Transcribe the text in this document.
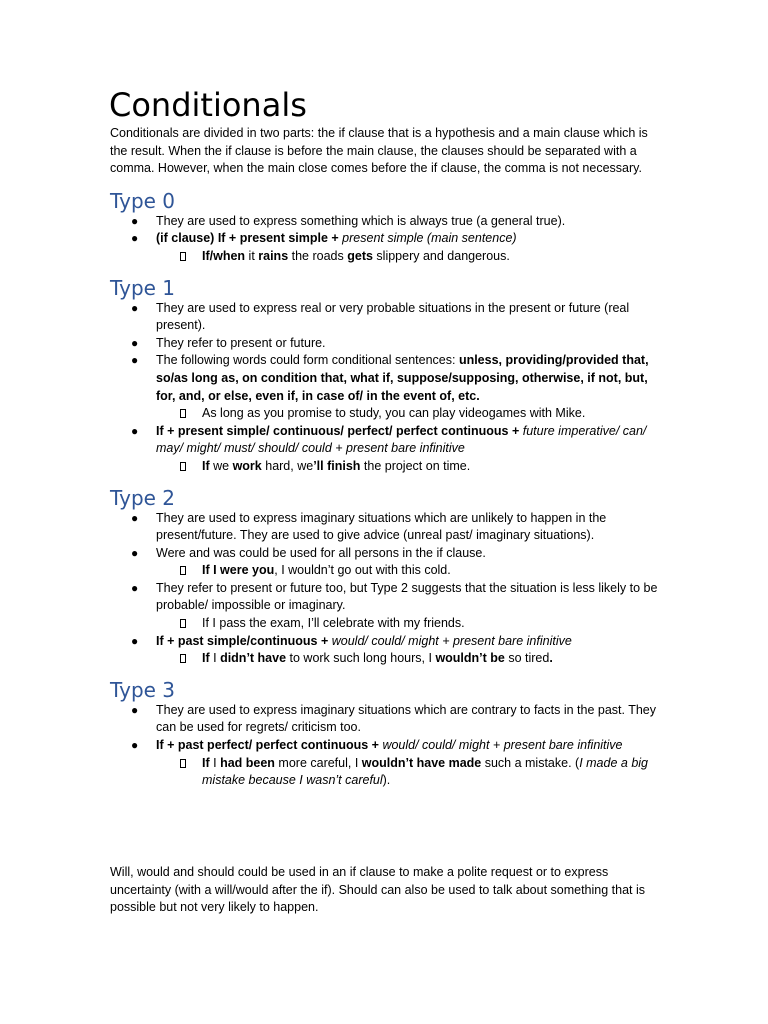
Conditionals

Conditionals are divided in two parts: the if clause that is a hypothesis and a main clause which is the result. When the if clause is before the main clause, the clauses should be separated with a comma. However, when the main close comes before the if clause, the comma is not necessary.

Type 0
● They are used to express something which is always true (a general true).
● (if clause) If + present simple + present simple (main sentence)
If/when it rains the roads gets slippery and dangerous.
Type 1
● They are used to express real or very probable situations in the present or future (real present).
● They refer to present or future.
● The following words could form conditional sentences: unless, providing/provided that, so/as long as, on condition that, what if, suppose/supposing, otherwise, if not, but, for, and, or else, even if, in case of/ in the event of, etc.
As long as you promise to study, you can play videogames with Mike.
● If + present simple/ continuous/ perfect/ perfect continuous + future imperative/ can/ may/ might/ must/ should/ could + present bare infinitive
If we work hard, we’ll finish the project on time.
Type 2
● They are used to express imaginary situations which are unlikely to happen in the present/future. They are used to give advice (unreal past/ imaginary situations).
● Were and was could be used for all persons in the if clause.
If I were you, I wouldn’t go out with this cold.
● They refer to present or future too, but Type 2 suggests that the situation is less likely to be probable/ impossible or imaginary.
If I pass the exam, I’ll celebrate with my friends.
● If + past simple/continuous + would/ could/ might + present bare infinitive
If I didn’t have to work such long hours, I wouldn’t be so tired.
Type 3
● They are used to express imaginary situations which are contrary to facts in the past. They can be used for regrets/ criticism too.
● If + past perfect/ perfect continuous + would/ could/ might + present bare infinitive
If I had been more careful, I wouldn’t have made such a mistake. (I made a big mistake because I wasn’t careful).

Will, would and should could be used in an if clause to make a polite request or to express uncertainty (with a will/would after the if). Should can also be used to talk about something that is possible but not very likely to happen.
